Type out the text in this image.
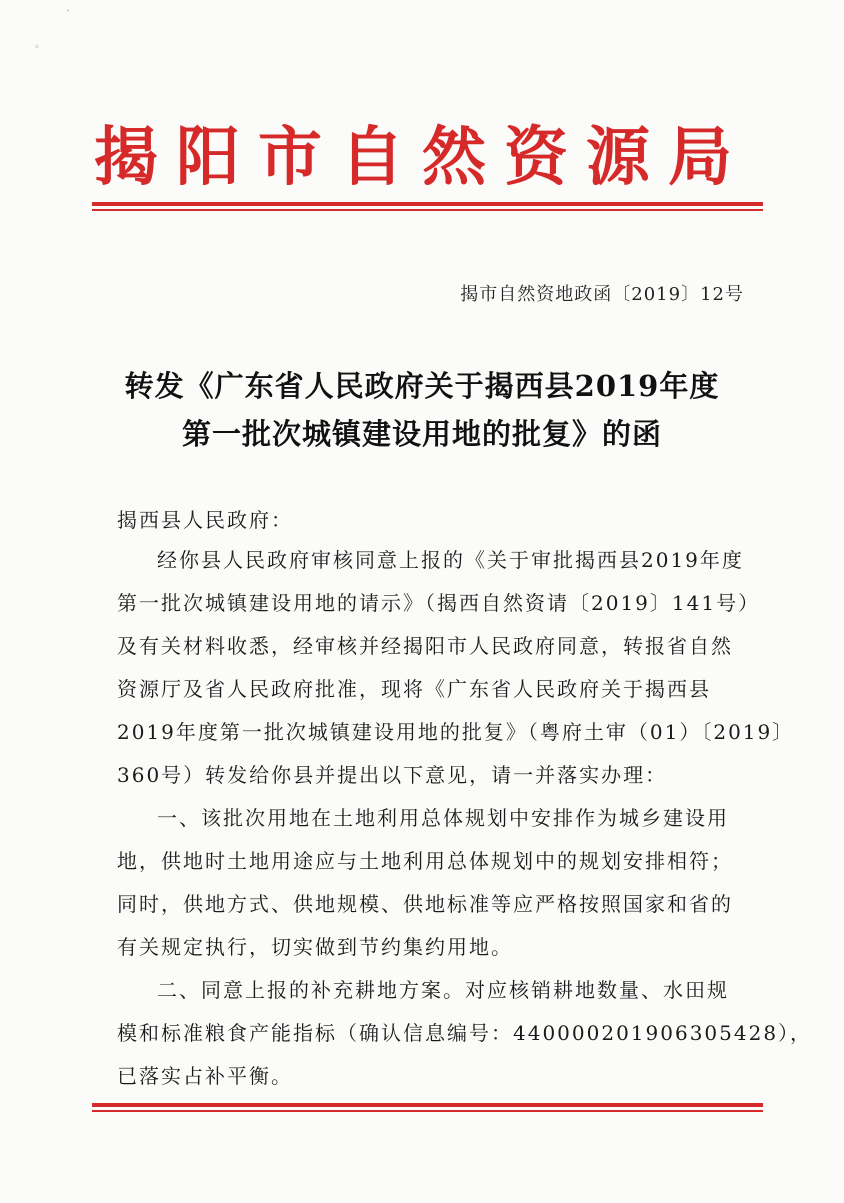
揭阳市自然资源局
揭市自然资地政函〔2019〕12号
转发《广东省人民政府关于揭西县2019年度
第一批次城镇建设用地的批复》的函
揭西县人民政府：
经你县人民政府审核同意上报的《关于审批揭西县2019年度
第一批次城镇建设用地的请示》（揭西自然资请〔2019〕141号）
及有关材料收悉，经审核并经揭阳市人民政府同意，转报省自然
资源厅及省人民政府批准，现将《广东省人民政府关于揭西县
2019年度第一批次城镇建设用地的批复》（粤府土审（01）〔2019〕
360号）转发给你县并提出以下意见，请一并落实办理：
一、该批次用地在土地利用总体规划中安排作为城乡建设用
地，供地时土地用途应与土地利用总体规划中的规划安排相符；
同时，供地方式、供地规模、供地标准等应严格按照国家和省的
有关规定执行，切实做到节约集约用地。
二、同意上报的补充耕地方案。对应核销耕地数量、水田规
模和标准粮食产能指标（确认信息编号：440000201906305428），
已落实占补平衡。
◦
ˋ
